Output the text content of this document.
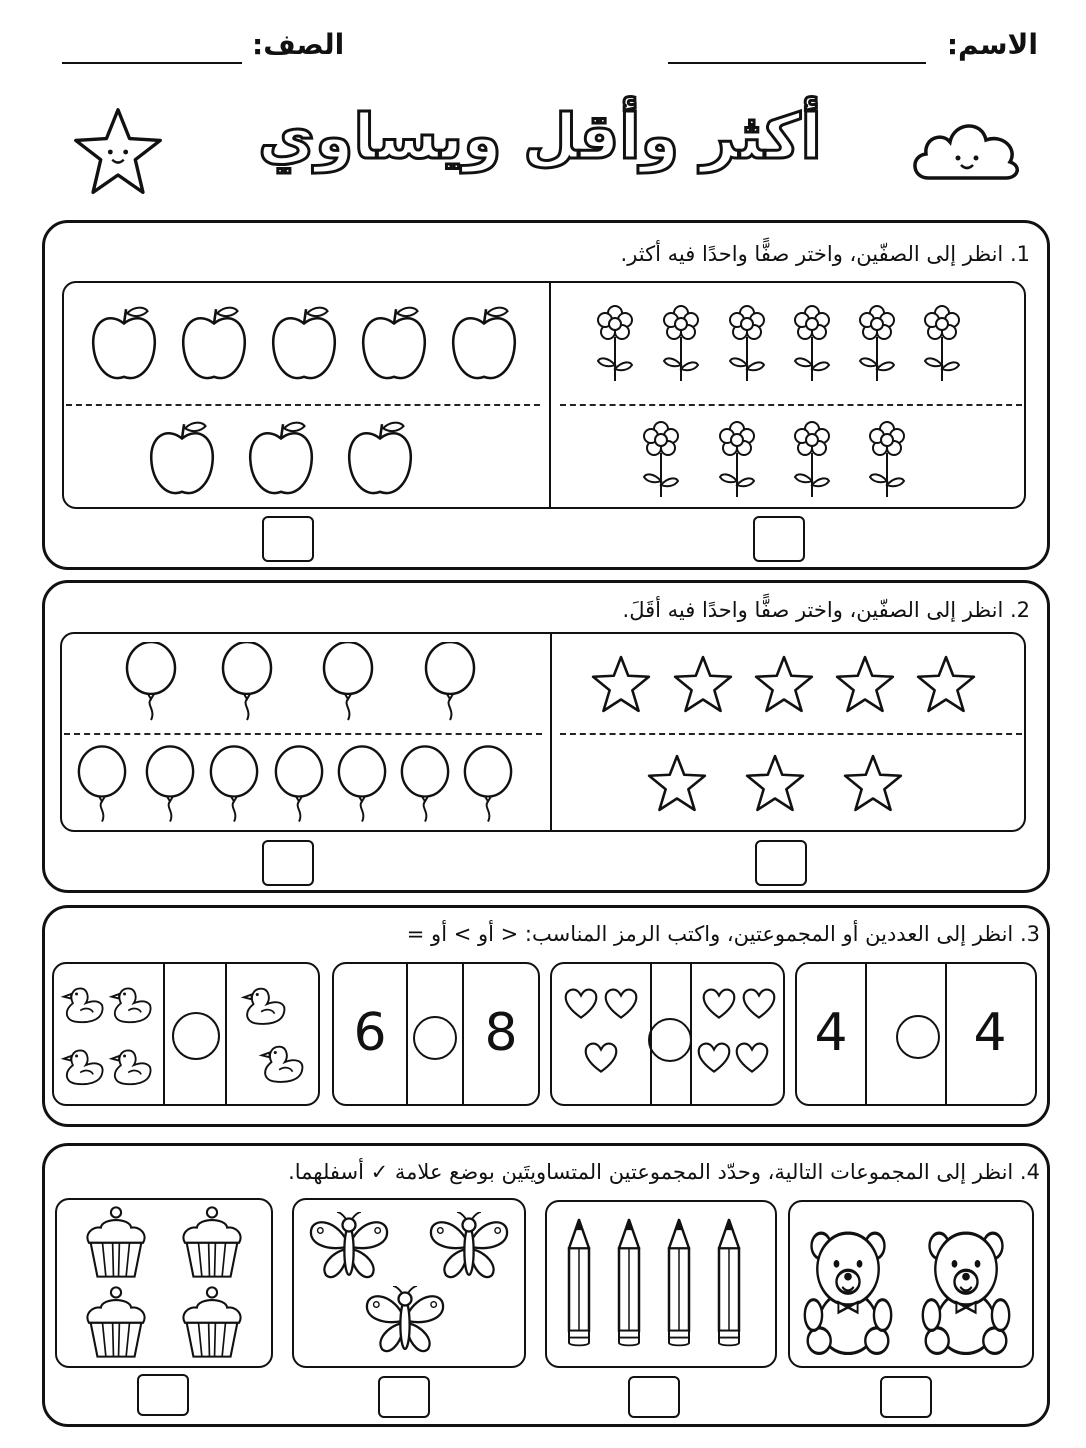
الاسم:
الصف:
أكثر وأقل ويساوي
1. انظر إلى الصفّين، واختر صفًّا واحدًا فيه أكثر.
2. انظر إلى الصفّين، واختر صفًّا واحدًا فيه أقَلَ.
3. انظر إلى العددين أو المجموعتين، واكتب الرمز المناسب: < أو > أو =
4
4
8
6
4. انظر إلى المجموعات التالية، وحدّد المجموعتين المتساويتَين بوضع علامة ✓ أسفلهما.
